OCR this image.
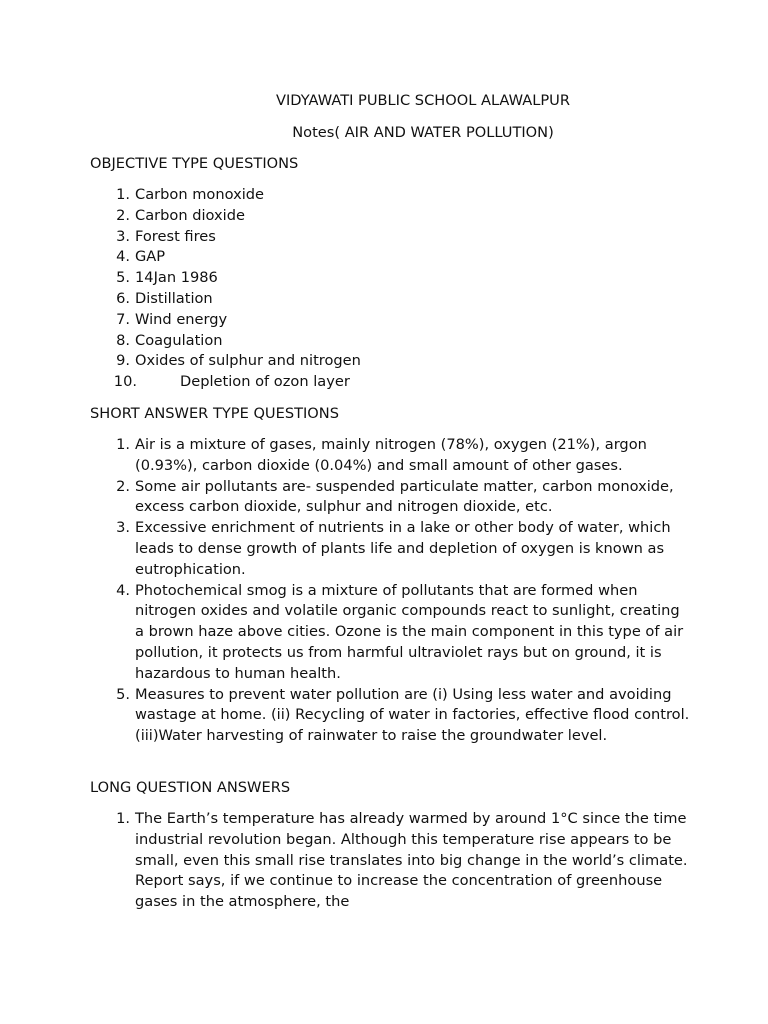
VIDYAWATI PUBLIC SCHOOL ALAWALPUR
Notes( AIR AND WATER POLLUTION)
OBJECTIVE TYPE QUESTIONS
1. Carbon monoxide
2. Carbon dioxide
3. Forest fires
4. GAP
5. 14Jan 1986
6. Distillation
7. Wind energy
8. Coagulation
9. Oxides of sulphur and nitrogen
10.	Depletion of ozon layer
SHORT ANSWER TYPE QUESTIONS
1. Air is a mixture of gases, mainly nitrogen (78%), oxygen (21%), argon (0.93%), carbon dioxide (0.04%) and small amount of other gases.
2. Some air pollutants are- suspended particulate matter, carbon monoxide, excess carbon dioxide, sulphur and nitrogen dioxide, etc.
3. Excessive enrichment of nutrients in a lake or other body of water, which leads to dense growth of plants life and depletion of oxygen is known as eutrophication.
4. Photochemical smog is a mixture of pollutants that are formed when nitrogen oxides and volatile organic compounds react to sunlight, creating a brown haze above cities. Ozone is the main component in this type of air pollution, it protects us from harmful ultraviolet rays but on ground, it is hazardous to human health.
5. Measures to prevent water pollution are (i) Using less water and avoiding wastage at home. (ii) Recycling of water in factories, effective flood control. (iii)Water harvesting of rainwater to raise the groundwater level.
LONG QUESTION ANSWERS
1. The Earth’s temperature has already warmed by around 1°C since the time industrial revolution began. Although this temperature rise appears to be small, even this small rise translates into big change in the world’s climate. Report says, if we continue to increase the concentration of greenhouse gases in the atmosphere, the
